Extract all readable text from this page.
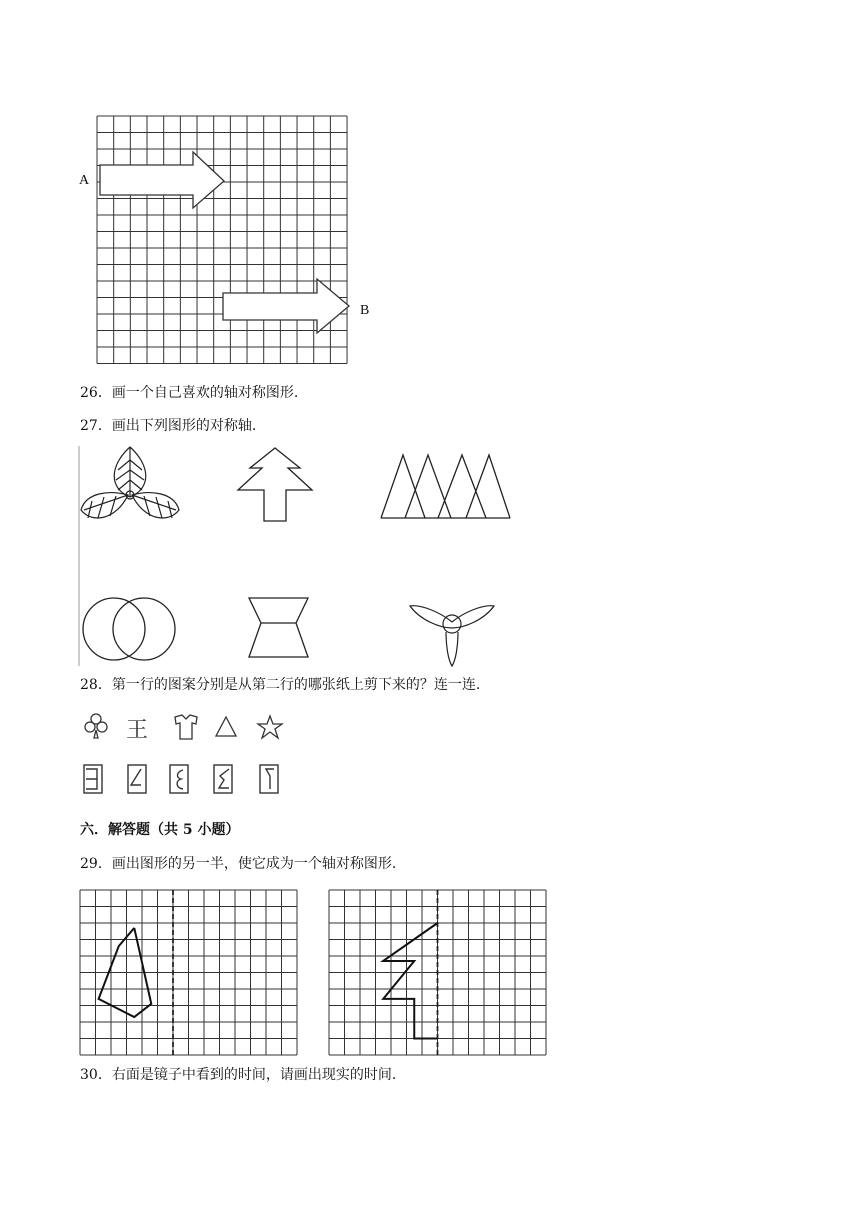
A
B
26．画一个自己喜欢的轴对称图形.
27．画出下列图形的对称轴.
28．第一行的图案分别是从第二行的哪张纸上剪下来的？连一连.
王
六．解答题（共 5 小题）
29．画出图形的另一半，使它成为一个轴对称图形.
30．右面是镜子中看到的时间，请画出现实的时间.
